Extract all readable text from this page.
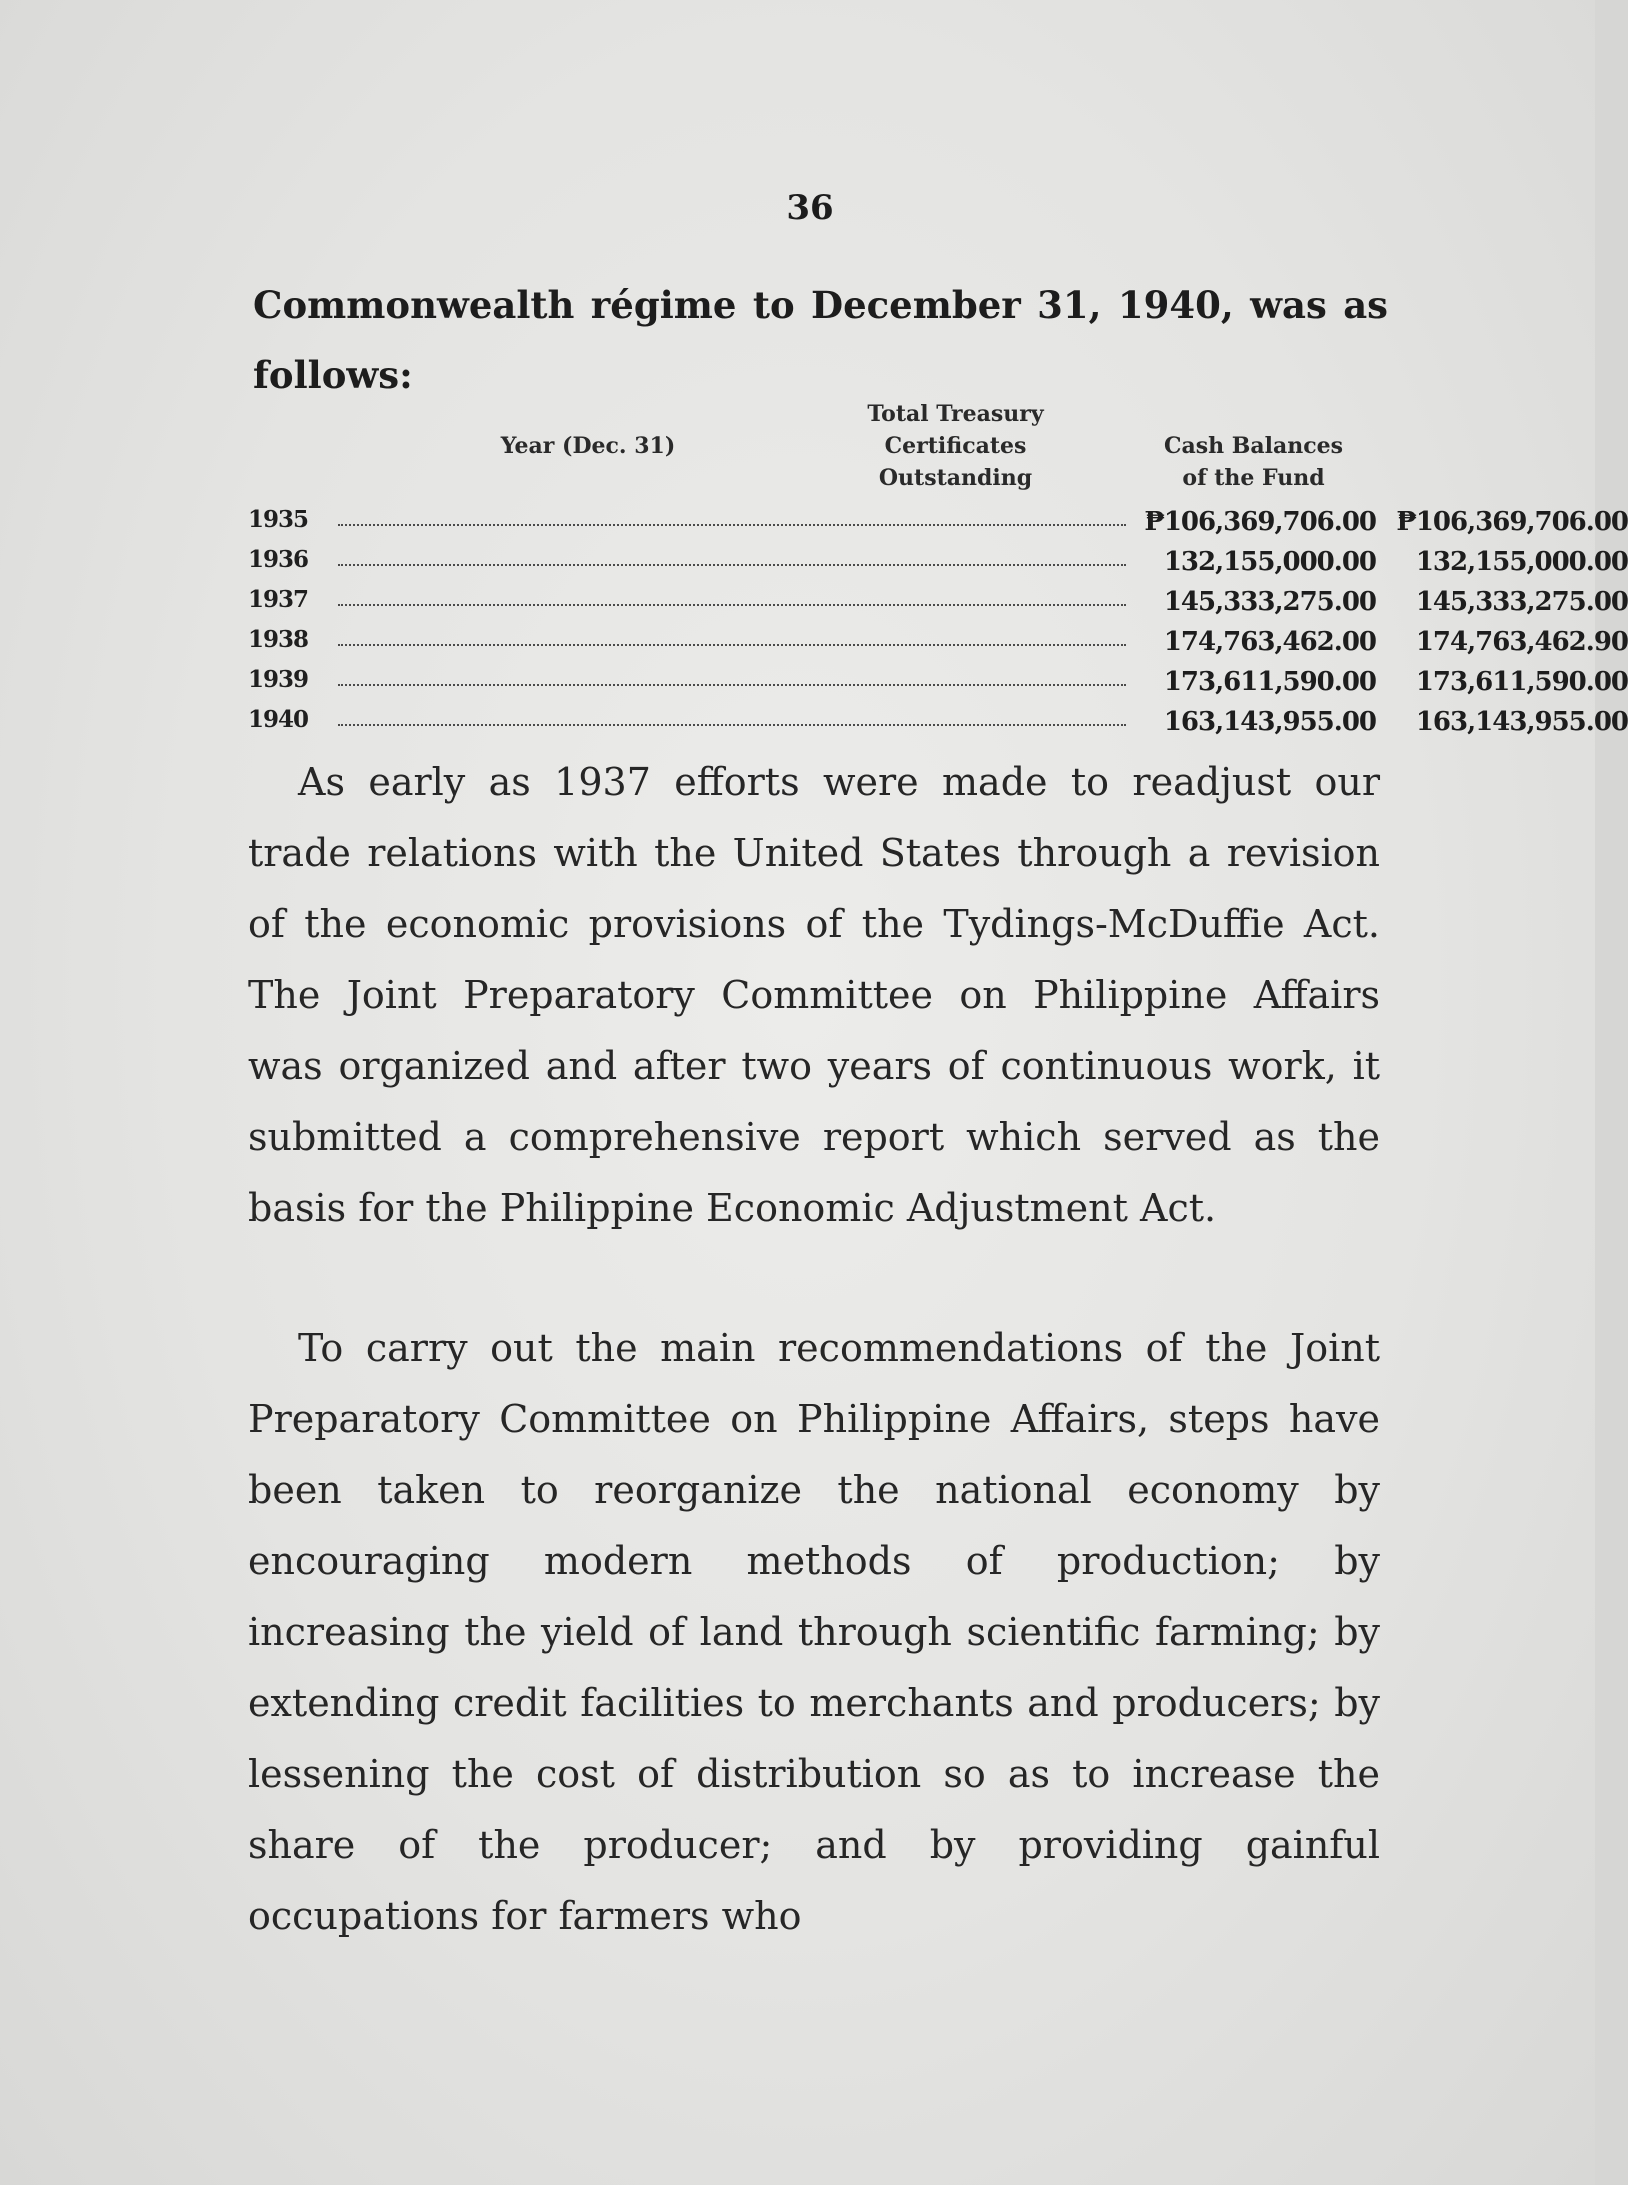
36

Commonwealth régime to December 31, 1940, was as follows:

Year (Dec. 31)
Total Treasury
Certificates
Outstanding
Cash Balances
of the Fund
1935	₱106,369,706.00 ₱106,369,706.00
1936	132,155,000.00	132,155,000.00
1937	145,333,275.00	145,333,275.00
1938	174,763,462.00	174,763,462.90
1939	173,611,590.00	173,611,590.00
1940	163,143,955.00	163,143,955.00

As early as 1937 efforts were made to readjust our trade relations with the United States through a revision of the economic provisions of the Tydings-McDuffie Act. The Joint Preparatory Committee on Philippine Affairs was organized and after two years of continuous work, it submitted a comprehensive report which served as the basis for the Philippine Economic Adjustment Act.

To carry out the main recommendations of the Joint Preparatory Committee on Philippine Affairs, steps have been taken to reorganize the national economy by encouraging modern methods of production; by increasing the yield of land through scientific farming; by extending credit facilities to merchants and producers; by lessening the cost of distribution so as to increase the share of the producer; and by providing gainful occupations for farmers who
